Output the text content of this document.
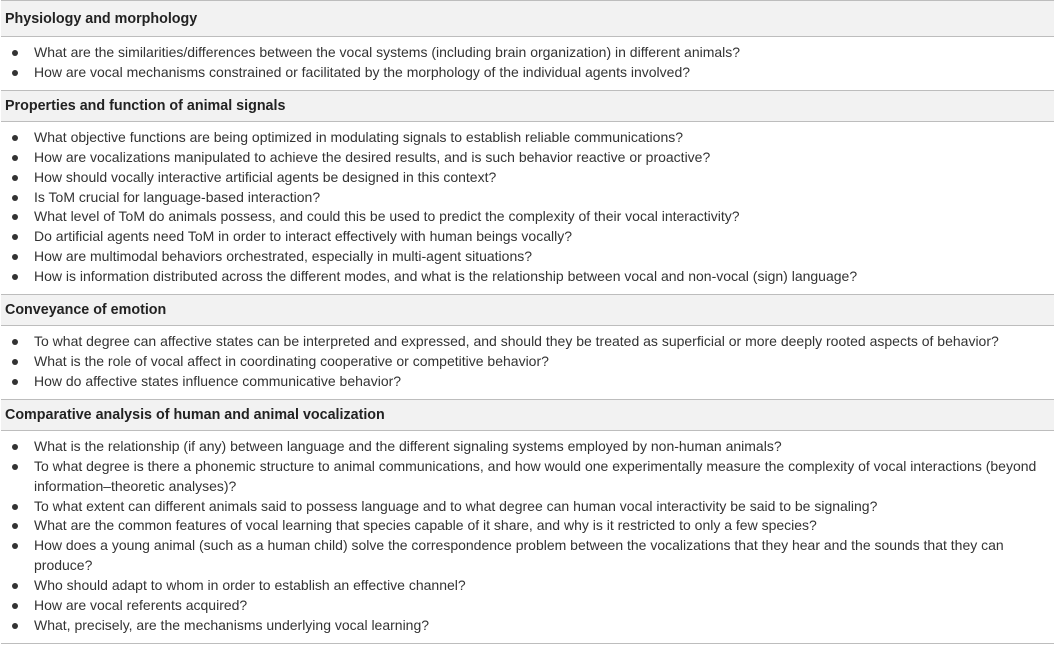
Physiology and morphology
What are the similarities/differences between the vocal systems (including brain organization) in different animals?
How are vocal mechanisms constrained or facilitated by the morphology of the individual agents involved?
Properties and function of animal signals
What objective functions are being optimized in modulating signals to establish reliable communications?
How are vocalizations manipulated to achieve the desired results, and is such behavior reactive or proactive?
How should vocally interactive artificial agents be designed in this context?
Is ToM crucial for language-based interaction?
What level of ToM do animals possess, and could this be used to predict the complexity of their vocal interactivity?
Do artificial agents need ToM in order to interact effectively with human beings vocally?
How are multimodal behaviors orchestrated, especially in multi-agent situations?
How is information distributed across the different modes, and what is the relationship between vocal and non-vocal (sign) language?
Conveyance of emotion
To what degree can affective states can be interpreted and expressed, and should they be treated as superficial or more deeply rooted aspects of behavior?
What is the role of vocal affect in coordinating cooperative or competitive behavior?
How do affective states influence communicative behavior?
Comparative analysis of human and animal vocalization
What is the relationship (if any) between language and the different signaling systems employed by non-human animals?
To what degree is there a phonemic structure to animal communications, and how would one experimentally measure the complexity of vocal interactions (beyond information–theoretic analyses)?
To what extent can different animals said to possess language and to what degree can human vocal interactivity be said to be signaling?
What are the common features of vocal learning that species capable of it share, and why is it restricted to only a few species?
How does a young animal (such as a human child) solve the correspondence problem between the vocalizations that they hear and the sounds that they can produce?
Who should adapt to whom in order to establish an effective channel?
How are vocal referents acquired?
What, precisely, are the mechanisms underlying vocal learning?
